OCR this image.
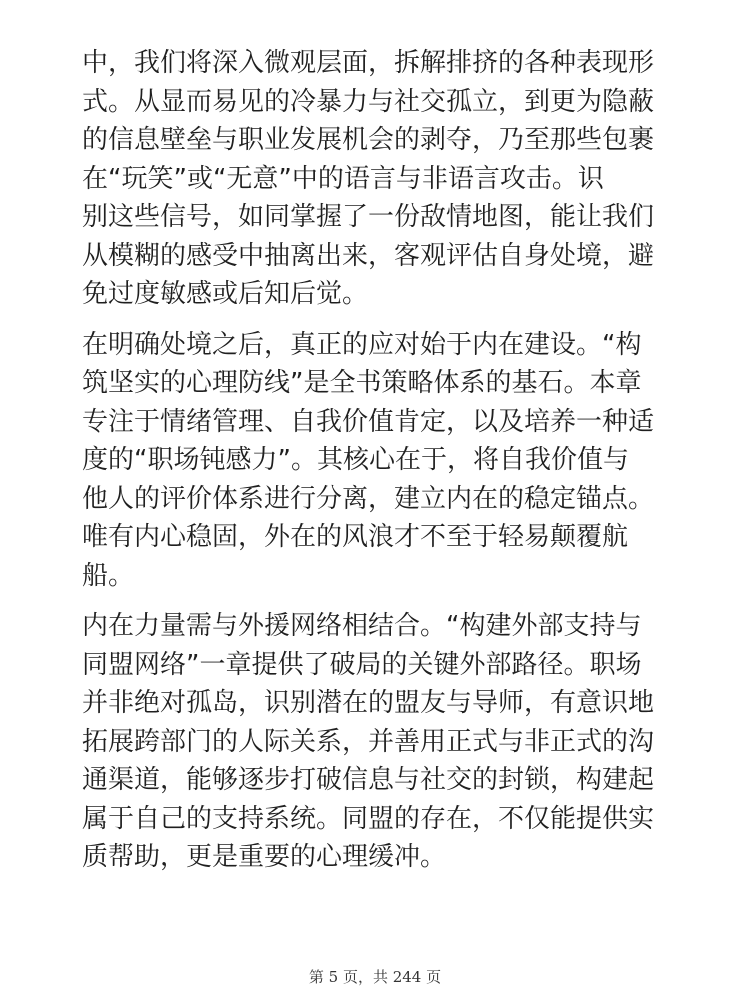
中，我们将深入微观层面，拆解排挤的各种表现形
式。从显而易见的冷暴力与社交孤立，到更为隐蔽
的信息壁垒与职业发展机会的剥夺，乃至那些包裹
在“玩笑”或“无意”中的语言与非语言攻击。识
别这些信号，如同掌握了一份敌情地图，能让我们
从模糊的感受中抽离出来，客观评估自身处境，避
免过度敏感或后知后觉。

在明确处境之后，真正的应对始于内在建设。“构
筑坚实的心理防线”是全书策略体系的基石。本章
专注于情绪管理、自我价值肯定，以及培养一种适
度的“职场钝感力”。其核心在于，将自我价值与
他人的评价体系进行分离，建立内在的稳定锚点。
唯有内心稳固，外在的风浪才不至于轻易颠覆航
船。

内在力量需与外援网络相结合。“构建外部支持与
同盟网络”一章提供了破局的关键外部路径。职场
并非绝对孤岛，识别潜在的盟友与导师，有意识地
拓展跨部门的人际关系，并善用正式与非正式的沟
通渠道，能够逐步打破信息与社交的封锁，构建起
属于自己的支持系统。同盟的存在，不仅能提供实
质帮助，更是重要的心理缓冲。

第 5 页，共 244 页
